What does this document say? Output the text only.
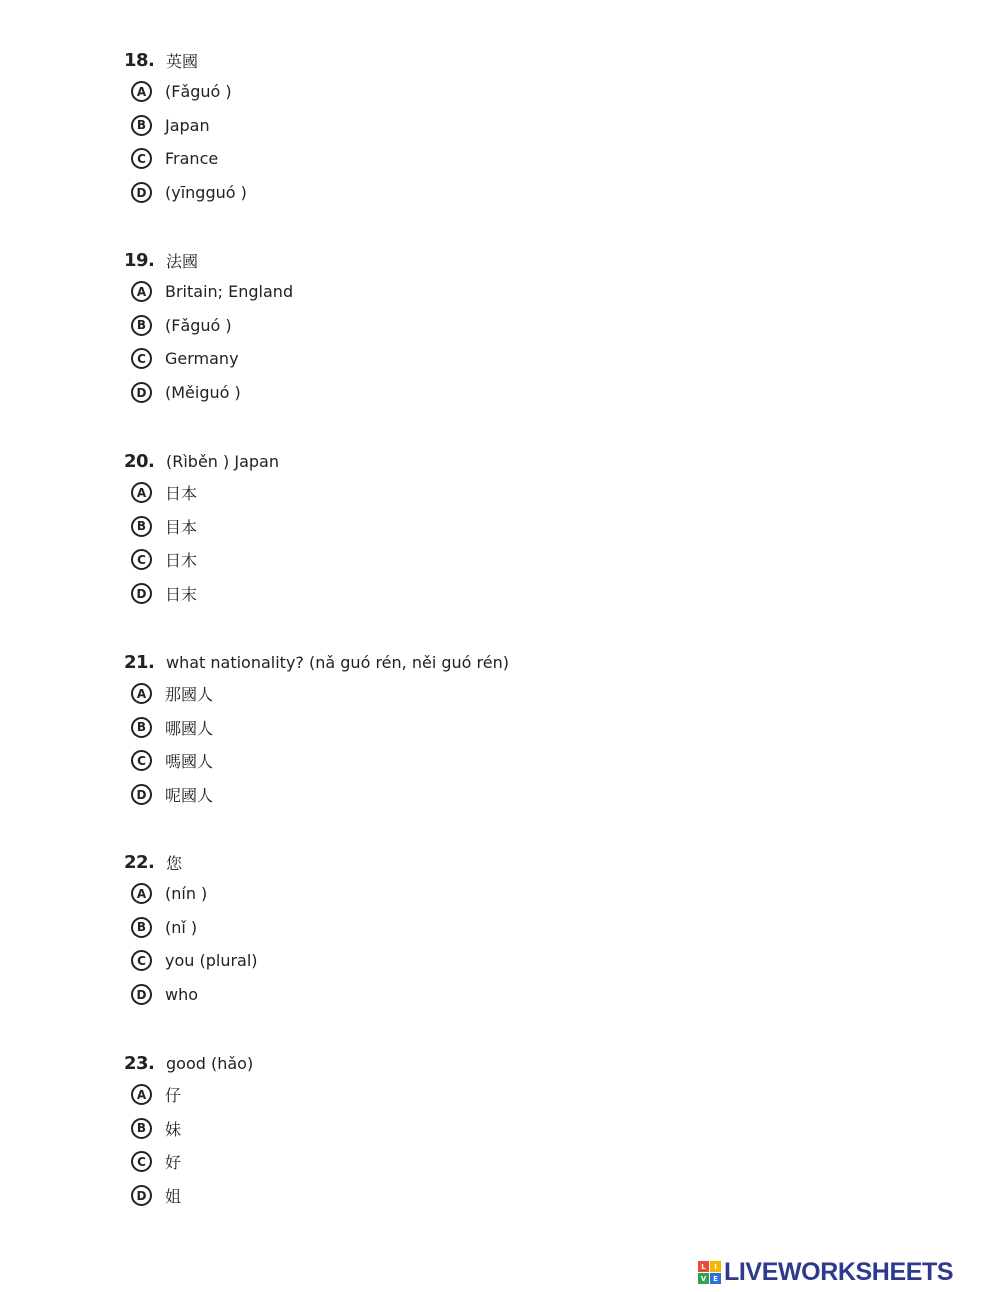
18. 英國
A	(Fǎguó )
B	Japan
C	France
D	(yīngguó )
19. 法國
A	Britain; England
B	(Fǎguó )
C	Germany
D	(Měiguó )
20. (Rìběn ) Japan
A	日本
B	目本
C	日木
D	日末
21. what nationality? (nǎ guó rén, něi guó rén)
A	那國人
B	哪國人
C	嗎國人
D	呢國人
22. 您
A	(nín )
B	(nǐ )
C	you (plural)
D	who
23. good (hǎo)
A	仔
B	妹
C	好
D	姐
L	I
V E LIVEWORKSHEETS
